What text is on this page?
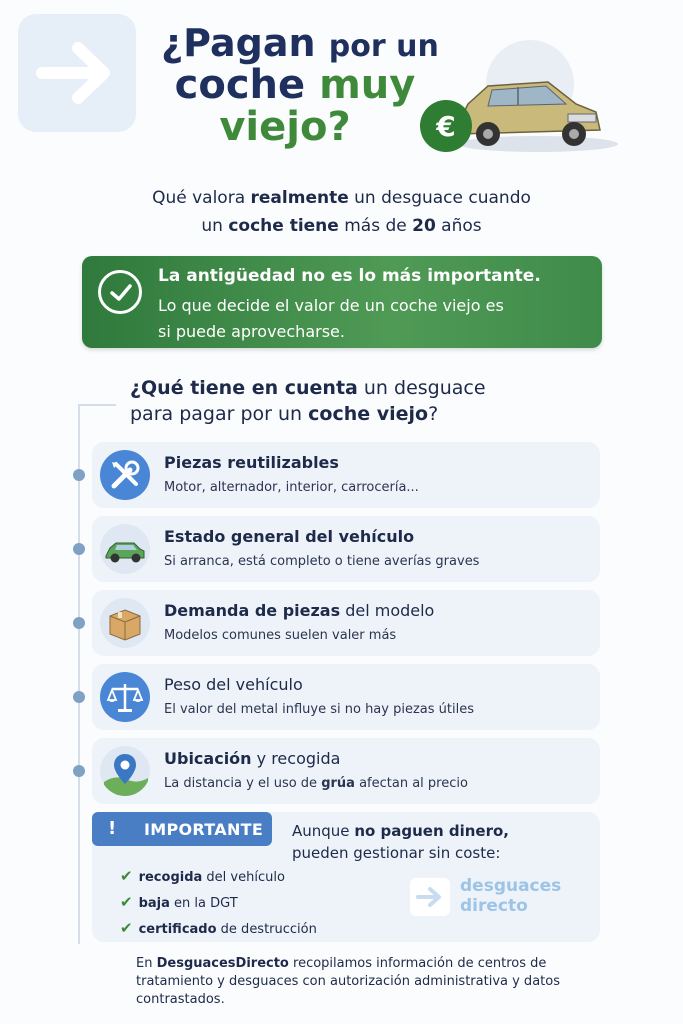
¿Pagan por un
coche muy
viejo?	€
Qué valora realmente un desguace cuando
un coche tiene más de 20 años
La antigüedad no es lo más importante.
Lo que decide el valor de un coche viejo es
si puede aprovecharse.
¿Qué tiene en cuenta un desguace
para pagar por un coche viejo?
Piezas reutilizables
Motor, alternador, interior, carrocería...
Estado general del vehículo
Si arranca, está completo o tiene averías graves
Demanda de piezas del modelo
Modelos comunes suelen valer más
Peso del vehículo
El valor del metal influye si no hay piezas útiles
Ubicación y recogida
La distancia y el uso de grúa afectan al precio
! IMPORTANTE Aunque no paguen dinero,
pueden gestionar sin coste:
✔ recogida del vehículo
✔ baja en la DGT
✔ certificado de destrucción
desguaces
directo
En DesguacesDirecto recopilamos información de centros de tratamiento y desguaces con autorización administrativa y datos contrastados.
